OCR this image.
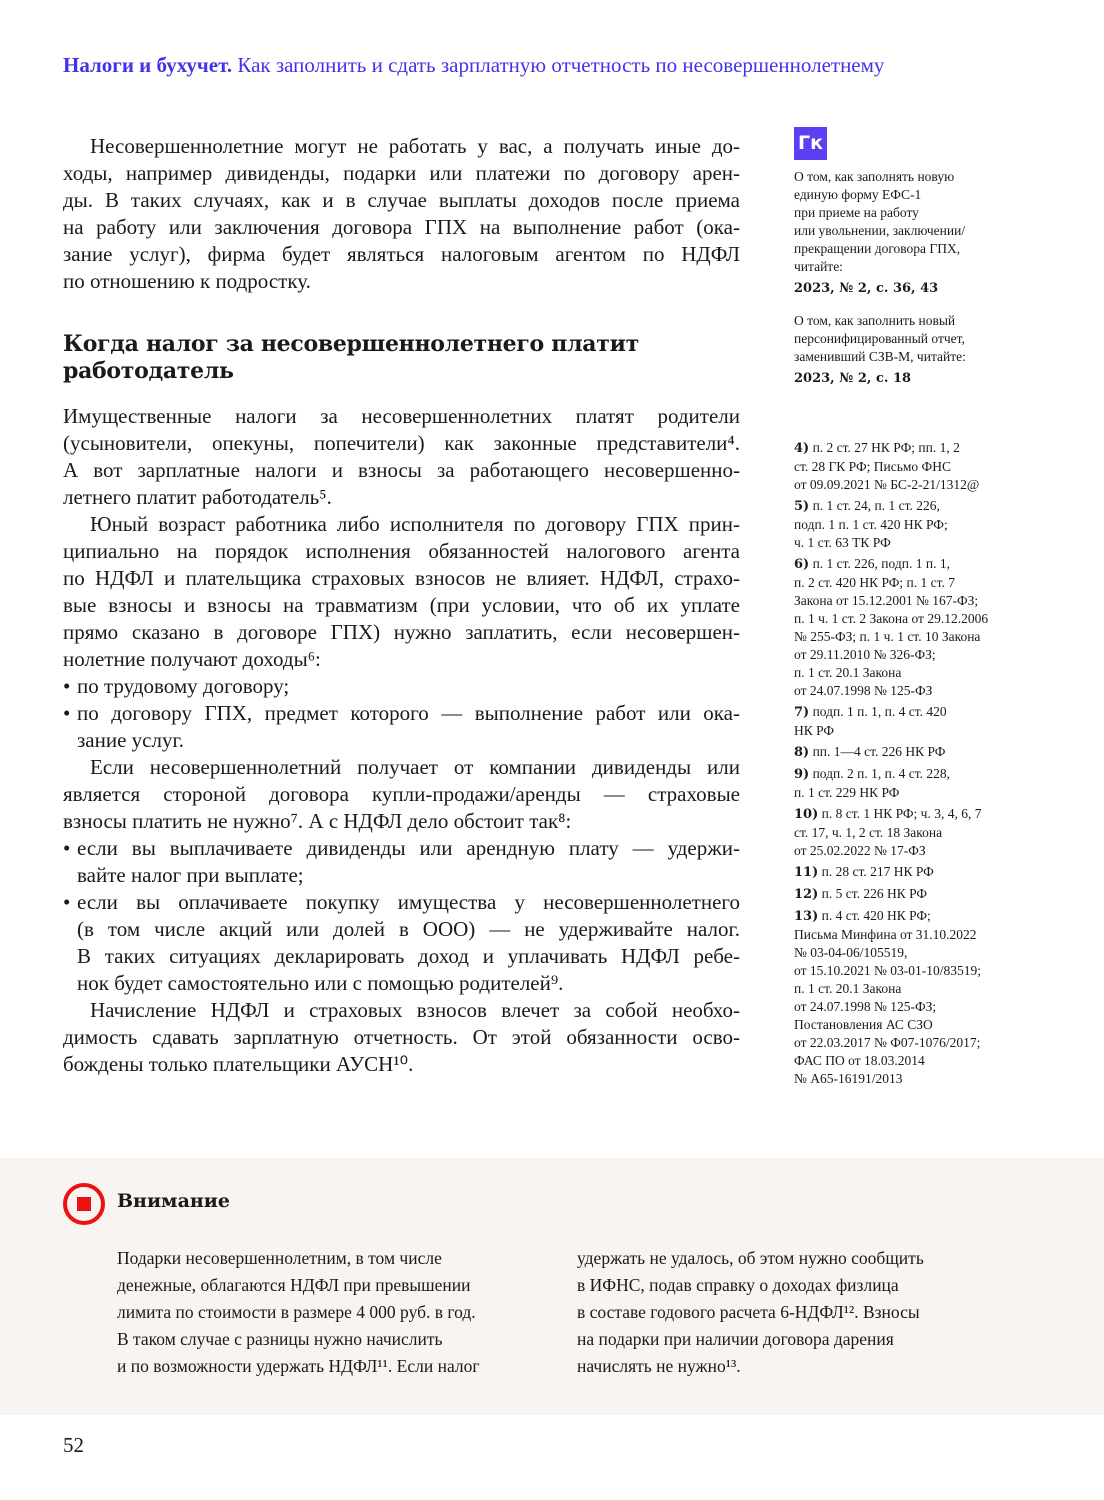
Налоги и бухучет. Как заполнить и сдать зарплатную отчетность по несовершеннолетнему
Несовершеннолетние могут не работать у вас, а получать иные до-
ходы, например дивиденды, подарки или платежи по договору арен-
ды. В таких случаях, как и в случае выплаты доходов после приема
на работу или заключения договора ГПХ на выполнение работ (ока-
зание услуг), фирма будет являться налоговым агентом по НДФЛ
по отношению к подростку.
Когда налог за несовершеннолетнего платит
работодатель
Имущественные налоги за несовершеннолетних платят родители
(усыновители, опекуны, попечители) как законные представители⁴.
А вот зарплатные налоги и взносы за работающего несовершенно-
летнего платит работодатель⁵.
Юный возраст работника либо исполнителя по договору ГПХ прин-
ципиально на порядок исполнения обязанностей налогового агента
по НДФЛ и плательщика страховых взносов не влияет. НДФЛ, страхо-
вые взносы и взносы на травматизм (при условии, что об их уплате
прямо сказано в договоре ГПХ) нужно заплатить, если несовершен-
нолетние получают доходы⁶:
• по трудовому договору;
• по договору ГПХ, предмет которого — выполнение работ или ока-
зание услуг.
Если несовершеннолетний получает от компании дивиденды или
является стороной договора купли-продажи/аренды — страховые
взносы платить не нужно⁷. А с НДФЛ дело обстоит так⁸:
• если вы выплачиваете дивиденды или арендную плату — удержи-
вайте налог при выплате;
• если вы оплачиваете покупку имущества у несовершеннолетнего
(в том числе акций или долей в ООО) — не удерживайте налог.
В таких ситуациях декларировать доход и уплачивать НДФЛ ребе-
нок будет самостоятельно или с помощью родителей⁹.
Начисление НДФЛ и страховых взносов влечет за собой необхо-
димость сдавать зарплатную отчетность. От этой обязанности осво-
бождены только плательщики АУСН¹⁰.
Гк
О том, как заполнять новую
единую форму ЕФС-1
при приеме на работу
или увольнении, заключении/
прекращении договора ГПХ,
читайте:
2023, № 2, с. 36, 43
О том, как заполнить новый
персонифицированный отчет,
заменивший СЗВ-М, читайте:
2023, № 2, с. 18
4) п. 2 ст. 27 НК РФ; пп. 1, 2
ст. 28 ГК РФ; Письмо ФНС
от 09.09.2021 № БС-2-21/1312@
5) п. 1 ст. 24, п. 1 ст. 226,
подп. 1 п. 1 ст. 420 НК РФ;
ч. 1 ст. 63 ТК РФ
6) п. 1 ст. 226, подп. 1 п. 1,
п. 2 ст. 420 НК РФ; п. 1 ст. 7
Закона от 15.12.2001 № 167-ФЗ;
п. 1 ч. 1 ст. 2 Закона от 29.12.2006
№ 255-ФЗ; п. 1 ч. 1 ст. 10 Закона
от 29.11.2010 № 326-ФЗ;
п. 1 ст. 20.1 Закона
от 24.07.1998 № 125-ФЗ
7) подп. 1 п. 1, п. 4 ст. 420
НК РФ
8) пп. 1—4 ст. 226 НК РФ
9) подп. 2 п. 1, п. 4 ст. 228,
п. 1 ст. 229 НК РФ
10) п. 8 ст. 1 НК РФ; ч. 3, 4, 6, 7
ст. 17, ч. 1, 2 ст. 18 Закона
от 25.02.2022 № 17-ФЗ
11) п. 28 ст. 217 НК РФ
12) п. 5 ст. 226 НК РФ
13) п. 4 ст. 420 НК РФ;
Письма Минфина от 31.10.2022
№ 03-04-06/105519,
от 15.10.2021 № 03-01-10/83519;
п. 1 ст. 20.1 Закона
от 24.07.1998 № 125-ФЗ;
Постановления АС СЗО
от 22.03.2017 № Ф07-1076/2017;
ФАС ПО от 18.03.2014
№ А65-16191/2013
Внимание
Подарки несовершеннолетним, в том числе
денежные, облагаются НДФЛ при превышении
лимита по стоимости в размере 4 000 руб. в год.
В таком случае с разницы нужно начислить
и по возможности удержать НДФЛ¹¹. Если налог
удержать не удалось, об этом нужно сообщить
в ИФНС, подав справку о доходах физлица
в составе годового расчета 6-НДФЛ¹². Взносы
на подарки при наличии договора дарения
начислять не нужно¹³.
52
